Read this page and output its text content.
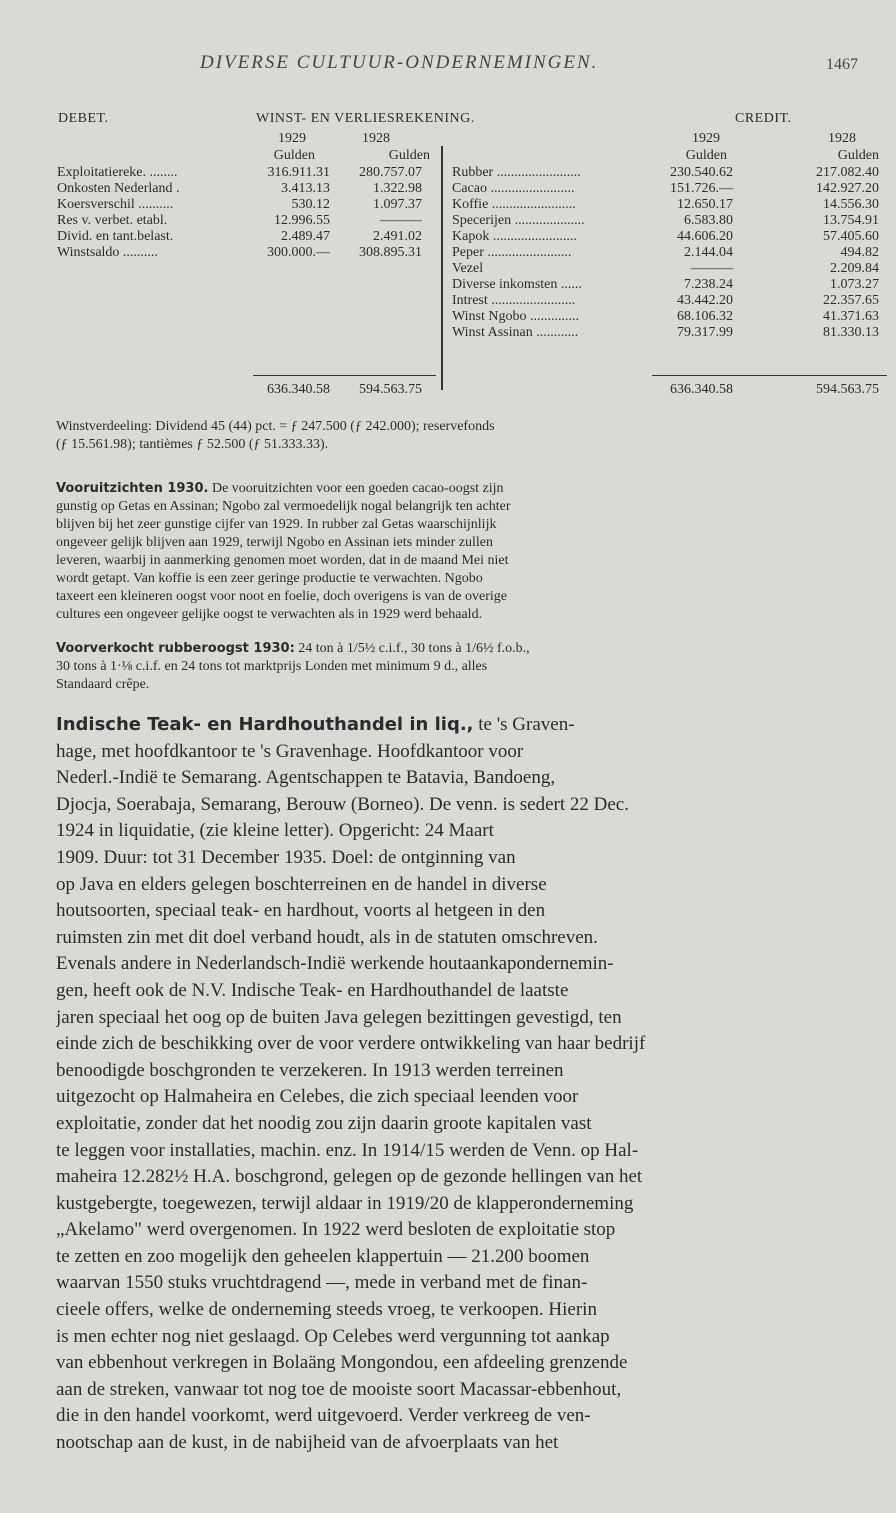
DIVERSE CULTUUR-ONDERNEMINGEN.	1467
DEBET.	WINST- EN VERLIESREKENING.	CREDIT.
1929	1928	1929	1928
Gulden	Gulden	Gulden	Gulden
Exploitatiereke. ........	316.911.31	280.757.07
Onkosten Nederland .	3.413.13	1.322.98
Koersverschil ..........	530.12	1.097.37
Res v. verbet. etabl.	12.996.55	———
Divid. en tant.belast.	2.489.47	2.491.02
Winstsaldo ..........	300.000.—	308.895.31
Rubber ........................	230.540.62	217.082.40
Cacao ........................	151.726.—	142.927.20
Koffie ........................	12.650.17	14.556.30
Specerijen ....................	6.583.80	13.754.91
Kapok ........................	44.606.20	57.405.60
Peper ........................	2.144.04	494.82
Vezel	———	2.209.84
Diverse inkomsten ......	7.238.24	1.073.27
Intrest ........................	43.442.20	22.357.65
Winst Ngobo ..............	68.106.32	41.371.63
Winst Assinan ............	79.317.99	81.330.13
636.340.58	594.563.75	636.340.58	594.563.75
Winstverdeeling: Dividend 45 (44) pct. = ƒ 247.500 (ƒ 242.000); reservefonds
(ƒ 15.561.98); tantièmes ƒ 52.500 (ƒ 51.333.33).
Vooruitzichten 1930. De vooruitzichten voor een goeden cacao-oogst zijn
gunstig op Getas en Assinan; Ngobo zal vermoedelijk nogal belangrijk ten achter
blijven bij het zeer gunstige cijfer van 1929. In rubber zal Getas waarschijnlijk
ongeveer gelijk blijven aan 1929, terwijl Ngobo en Assinan iets minder zullen
leveren, waarbij in aanmerking genomen moet worden, dat in de maand Mei niet
wordt getapt. Van koffie is een zeer geringe productie te verwachten. Ngobo
taxeert een kleineren oogst voor noot en foelie, doch overigens is van de overige
cultures een ongeveer gelijke oogst te verwachten als in 1929 werd behaald.
Voorverkocht rubberoogst 1930: 24 ton à 1/5½ c.i.f., 30 tons à 1/6½ f.o.b.,
30 tons à 1·⅛ c.i.f. en 24 tons tot marktprijs Londen met minimum 9 d., alles
Standaard crêpe.
Indische Teak- en Hardhouthandel in liq., te 's Graven-
hage, met hoofdkantoor te 's Gravenhage. Hoofdkantoor voor
Nederl.-Indië te Semarang. Agentschappen te Batavia, Bandoeng,
Djocja, Soerabaja, Semarang, Berouw (Borneo). De venn. is sedert 22 Dec.
1924 in liquidatie, (zie kleine letter). Opgericht: 24 Maart
1909. Duur: tot 31 December 1935. Doel: de ontginning van
op Java en elders gelegen boschterreinen en de handel in diverse
houtsoorten, speciaal teak- en hardhout, voorts al hetgeen in den
ruimsten zin met dit doel verband houdt, als in de statuten omschreven.
Evenals andere in Nederlandsch-Indië werkende houtaankapondernemin-
gen, heeft ook de N.V. Indische Teak- en Hardhouthandel de laatste
jaren speciaal het oog op de buiten Java gelegen bezittingen gevestigd, ten
einde zich de beschikking over de voor verdere ontwikkeling van haar bedrijf
benoodigde boschgronden te verzekeren. In 1913 werden terreinen
uitgezocht op Halmaheira en Celebes, die zich speciaal leenden voor
exploitatie, zonder dat het noodig zou zijn daarin groote kapitalen vast
te leggen voor installaties, machin. enz. In 1914/15 werden de Venn. op Hal-
maheira 12.282½ H.A. boschgrond, gelegen op de gezonde hellingen van het
kustgebergte, toegewezen, terwijl aldaar in 1919/20 de klapperonderneming
„Akelamo" werd overgenomen. In 1922 werd besloten de exploitatie stop
te zetten en zoo mogelijk den geheelen klappertuin — 21.200 boomen
waarvan 1550 stuks vruchtdragend —, mede in verband met de finan-
cieele offers, welke de onderneming steeds vroeg, te verkoopen. Hierin
is men echter nog niet geslaagd. Op Celebes werd vergunning tot aankap
van ebbenhout verkregen in Bolaäng Mongondou, een afdeeling grenzende
aan de streken, vanwaar tot nog toe de mooiste soort Macassar-ebbenhout,
die in den handel voorkomt, werd uitgevoerd. Verder verkreeg de ven-
nootschap aan de kust, in de nabijheid van de afvoerplaats van het
